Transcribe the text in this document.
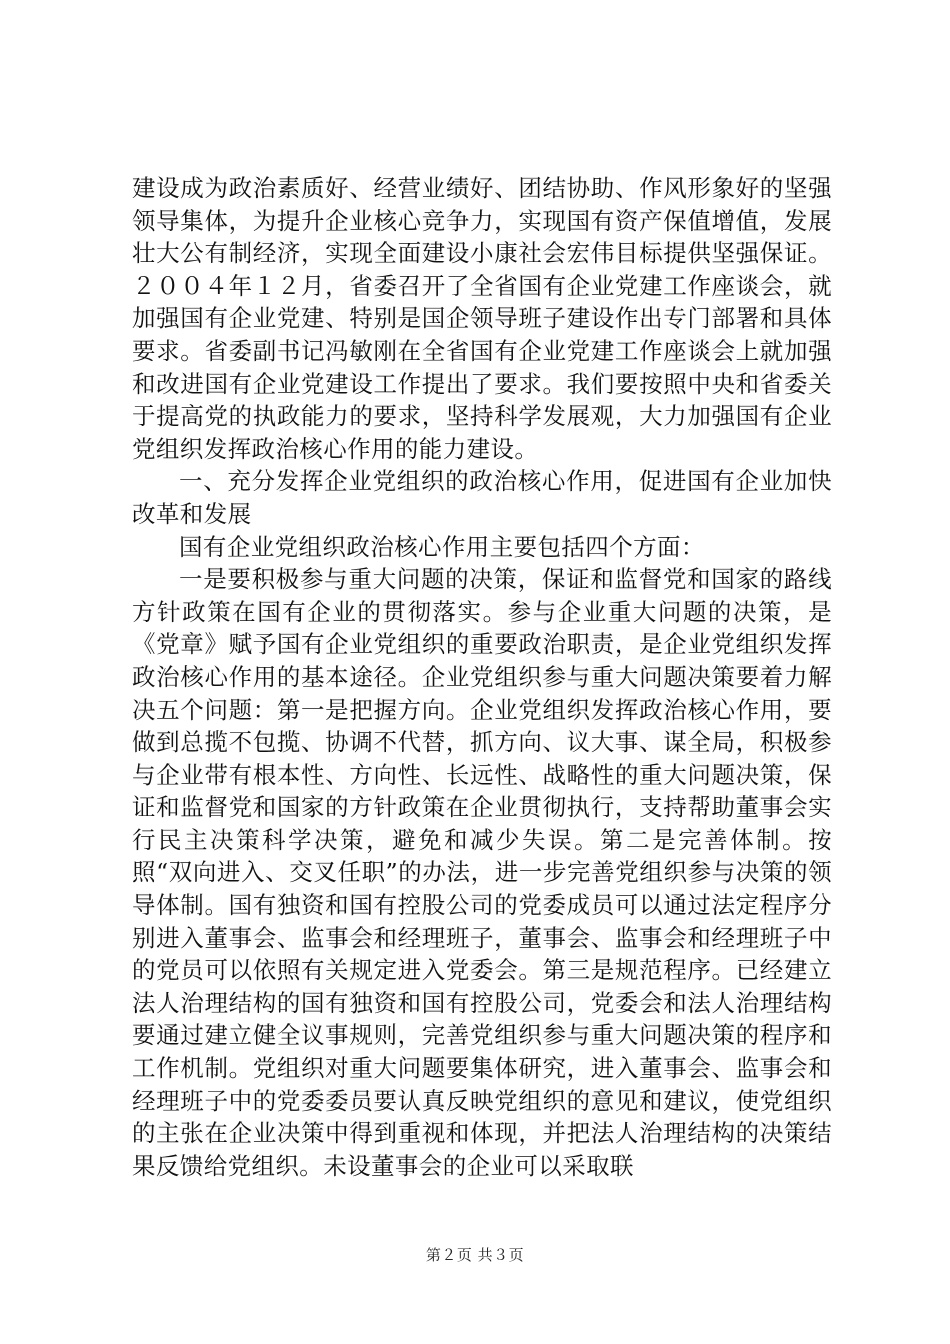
建设成为政治素质好、经营业绩好、团结协助、作风形象好的坚强领导集体，为提升企业核心竞争力，实现国有资产保值增值，发展壮大公有制经济，实现全面建设小康社会宏伟目标提供坚强保证。２００４年１２月，省委召开了全省国有企业党建工作座谈会，就加强国有企业党建、特别是国企领导班子建设作出专门部署和具体要求。省委副书记冯敏刚在全省国有企业党建工作座谈会上就加强和改进国有企业党建设工作提出了要求。我们要按照中央和省委关于提高党的执政能力的要求，坚持科学发展观，大力加强国有企业党组织发挥政治核心作用的能力建设。

一、充分发挥企业党组织的政治核心作用，促进国有企业加快改革和发展

国有企业党组织政治核心作用主要包括四个方面：

一是要积极参与重大问题的决策，保证和监督党和国家的路线方针政策在国有企业的贯彻落实。参与企业重大问题的决策，是《党章》赋予国有企业党组织的重要政治职责，是企业党组织发挥政治核心作用的基本途径。企业党组织参与重大问题决策要着力解决五个问题：第一是把握方向。企业党组织发挥政治核心作用，要做到总揽不包揽、协调不代替，抓方向、议大事、谋全局，积极参与企业带有根本性、方向性、长远性、战略性的重大问题决策，保证和监督党和国家的方针政策在企业贯彻执行，支持帮助董事会实行民主决策科学决策，避免和减少失误。第二是完善体制。按照“双向进入、交叉任职”的办法，进一步完善党组织参与决策的领导体制。国有独资和国有控股公司的党委成员可以通过法定程序分别进入董事会、监事会和经理班子，董事会、监事会和经理班子中的党员可以依照有关规定进入党委会。第三是规范程序。已经建立法人治理结构的国有独资和国有控股公司，党委会和法人治理结构要通过建立健全议事规则，完善党组织参与重大问题决策的程序和工作机制。党组织对重大问题要集体研究，进入董事会、监事会和经理班子中的党委委员要认真反映党组织的意见和建议，使党组织的主张在企业决策中得到重视和体现，并把法人治理结构的决策结果反馈给党组织。未设董事会的企业可以采取联

第２页 共３页
